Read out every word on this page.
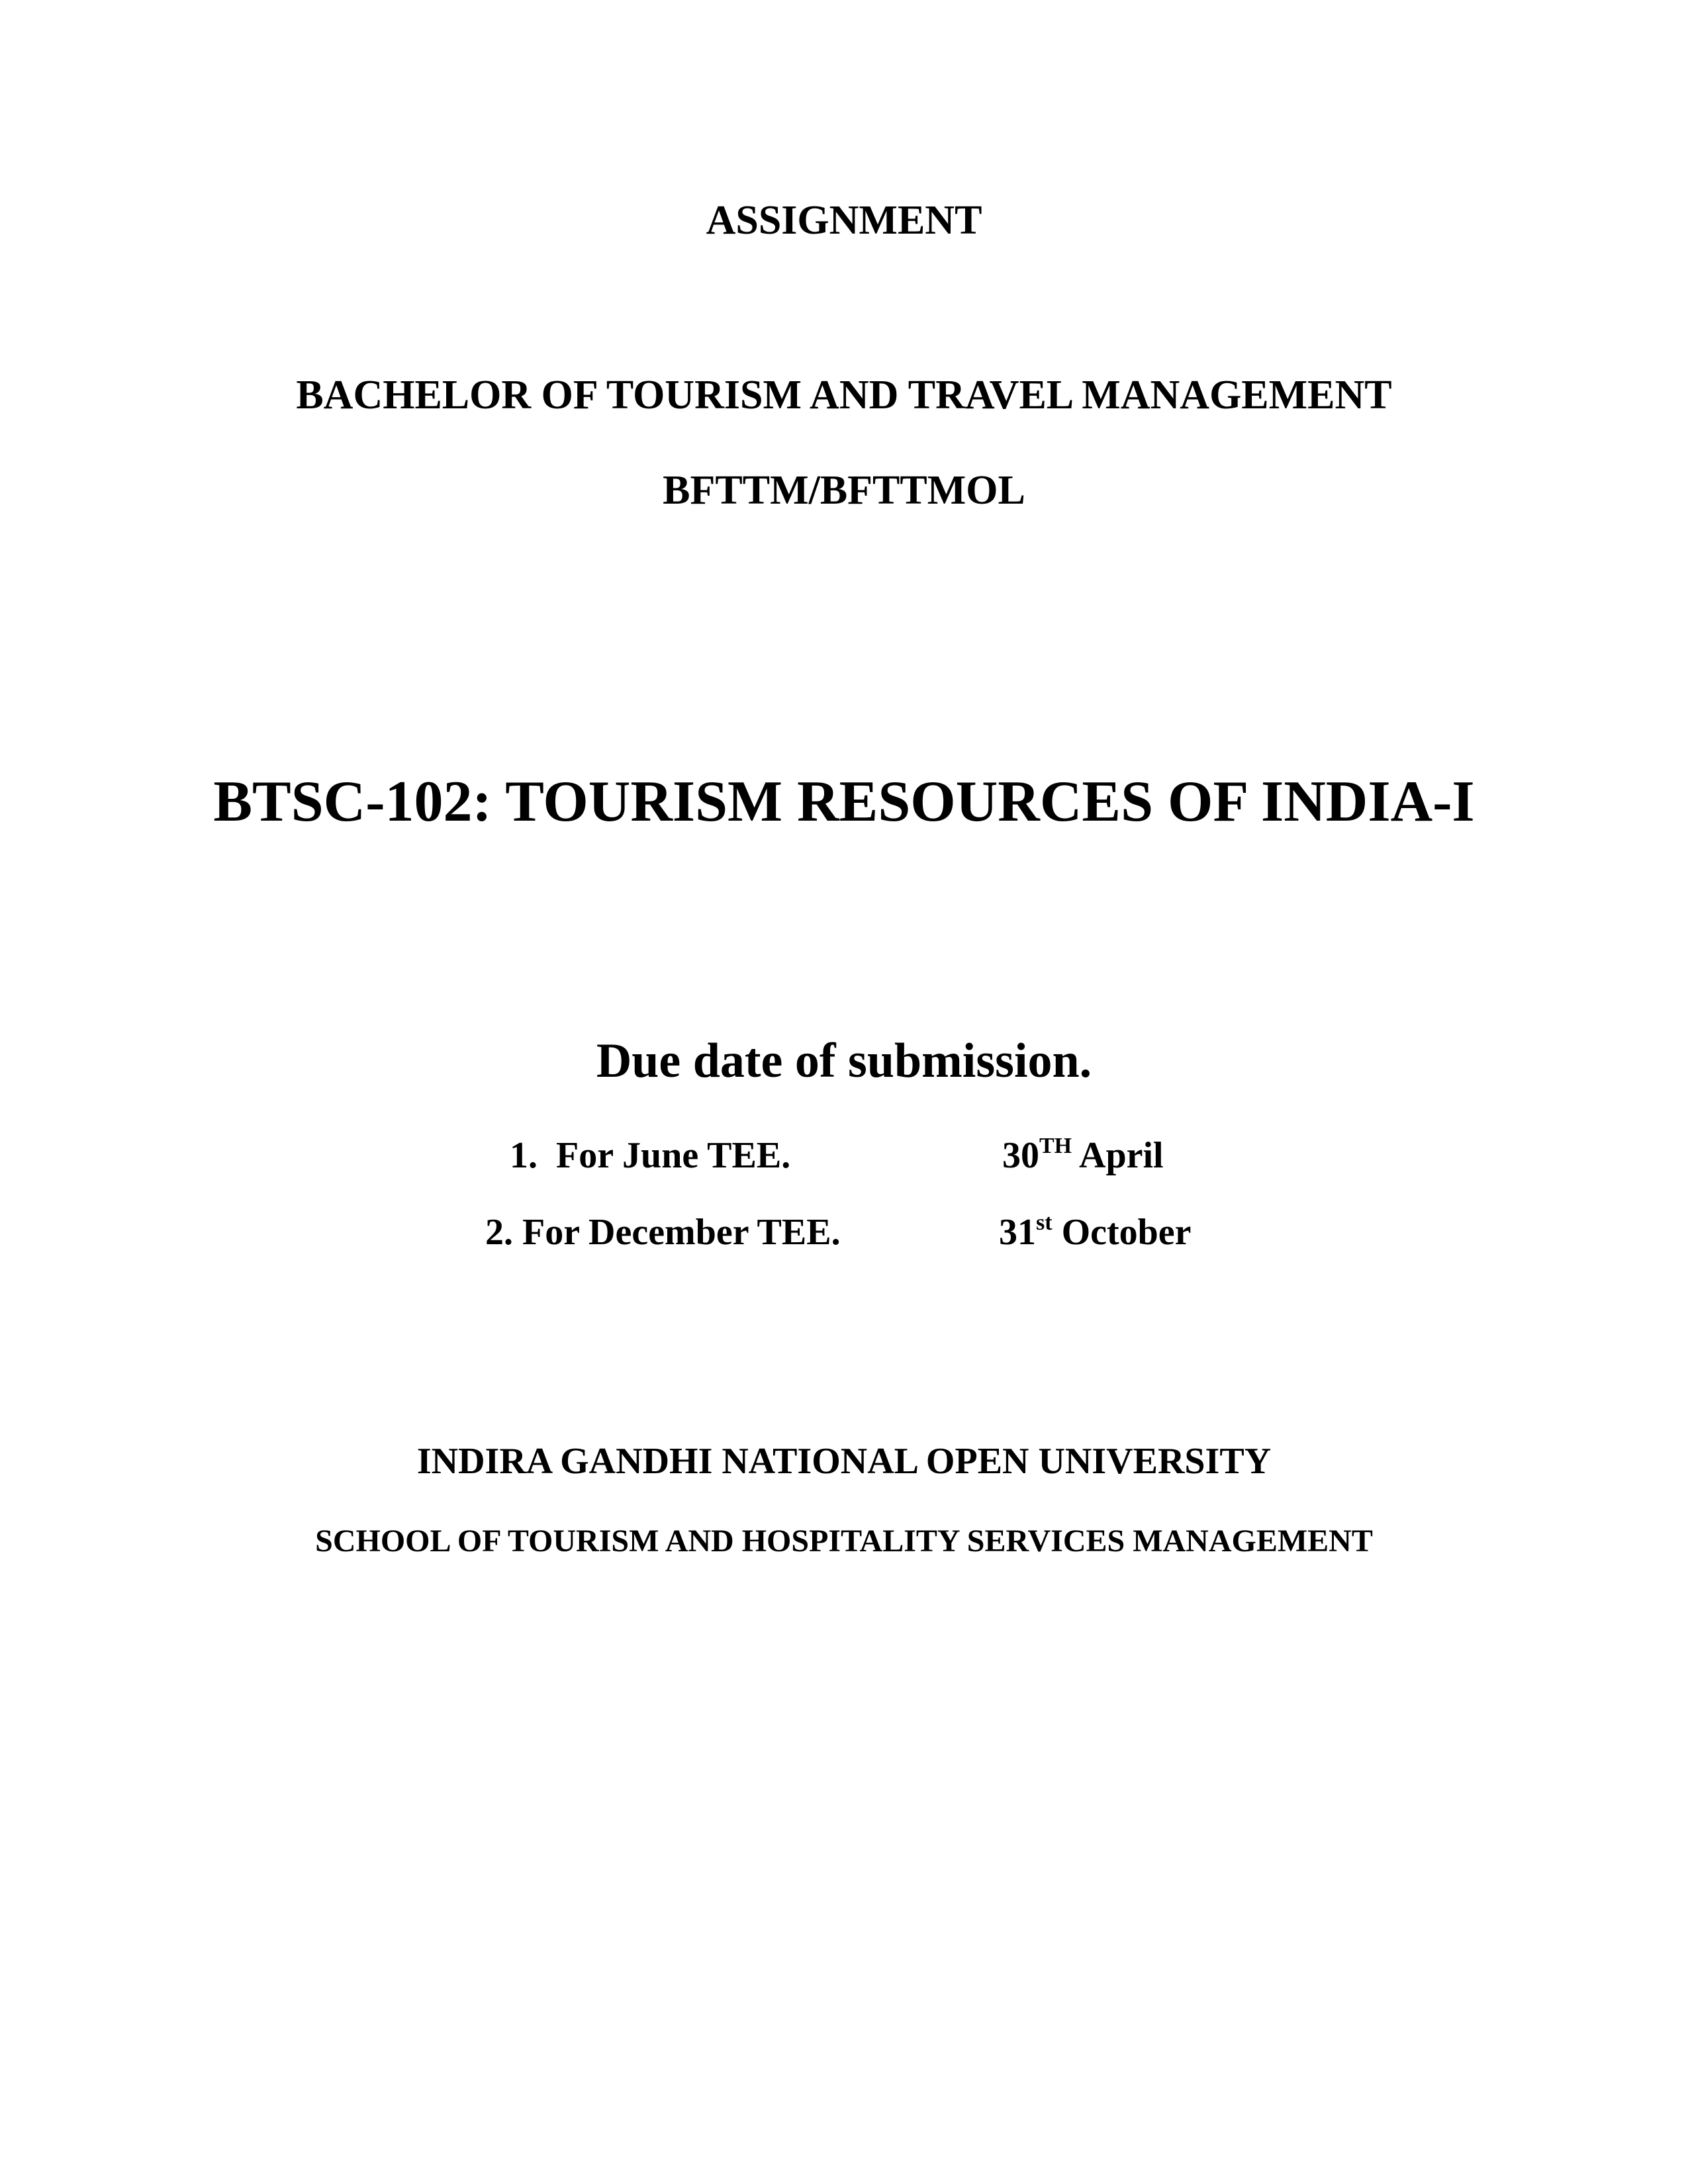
ASSIGNMENT
BACHELOR OF TOURISM AND TRAVEL MANAGEMENT
BFTTM/BFTTMOL
BTSC-102: TOURISM RESOURCES OF INDIA-I
Due date of submission.
1.  For June TEE.	30TH April
2. For December TEE.	31st October
INDIRA GANDHI NATIONAL OPEN UNIVERSITY
SCHOOL OF TOURISM AND HOSPITALITY SERVICES MANAGEMENT
